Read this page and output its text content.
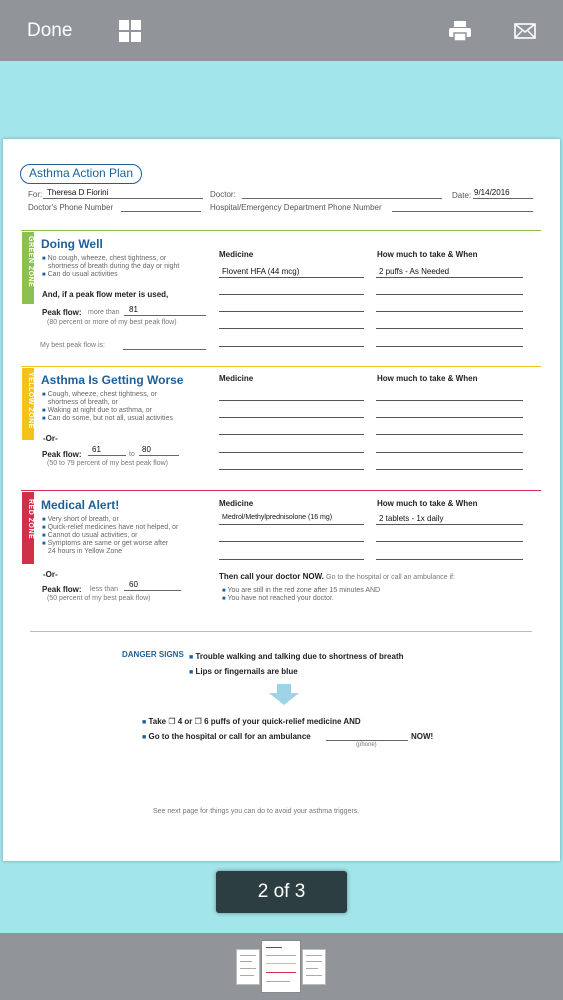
Done
Asthma Action Plan
For: Theresa D Fiorini	Doctor:	Date: 9/14/2016
Doctor's Phone Number	Hospital/Emergency Department Phone Number
GREEN ZONE Doing Well
■ No cough, wheeze, chest tightness, or
shortness of breath during the day or night
■ Can do usual activities
And, if a peak flow meter is used,
Peak flow: more than 81
(80 percent or more of my best peak flow)
My best peak flow is:
Medicine	How much to take & When
Flovent HFA (44 mcg)	2 puffs - As Needed
YELLOW ZONE Asthma Is Getting Worse
■ Cough, wheeze, chest tightness, or
shortness of breath, or
■ Waking at night due to asthma, or
■ Can do some, but not all, usual activities
-Or-
Peak flow:
61
to
80
(50 to 79 percent of my best peak flow)
Medicine	How much to take & When
RED ZONE Medical Alert!
■ Very short of breath, or
■ Quick-relief medicines have not helped, or
■ Cannot do usual activities, or
■ Symptoms are same or get worse after
24 hours in Yellow Zone
-Or-
Peak flow: less than
60
(50 percent of my best peak flow)
Medicine	How much to take & When
Medrol/Methylprednisolone (16 mg)	2 tablets - 1x daily
Then call your doctor NOW. Go to the hospital or call an ambulance if:
■ You are still in the red zone after 15 minutes AND
■ You have not reached your doctor.
DANGER SIGNS ■ Trouble walking and talking due to shortness of breath
■ Lips or fingernails are blue
■ Take ❐ 4 or ❐ 6 puffs of your quick-relief medicine AND
■ Go to the hospital or call for an ambulance	NOW!
(phone)
See next page for things you can do to avoid your asthma triggers.
2 of 3
